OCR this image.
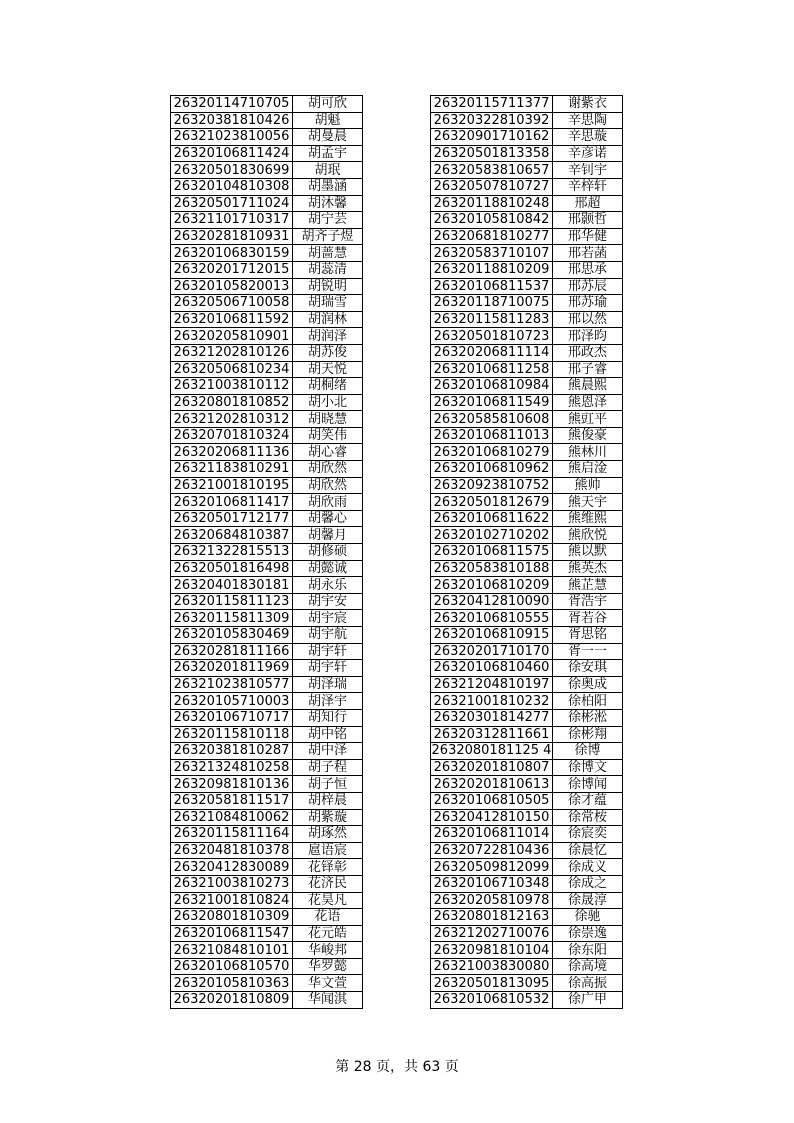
26320114710705	胡可欣
26320381810426	胡魁
26321023810056	胡曼晨
26320106811424	胡孟宇
26320501830699	胡珉
26320104810308	胡墨涵
26320501711024	胡沐馨
26321101710317	胡宁芸
26320281810931	胡齐子煜
26320106830159	胡蔷慧
26320201712015	胡蕊清
26320105820013	胡锐明
26320506710058	胡瑞雪
26320106811592	胡润林
26320205810901	胡润泽
26321202810126	胡苏俊
26320506810234	胡天悦
26321003810112	胡桐绪
26320801810852	胡小北
26321202810312	胡晓慧
26320701810324	胡笑伟
26320206811136	胡心睿
26321183810291	胡欣然
26321001810195	胡欣然
26320106811417	胡欣雨
26320501712177	胡馨心
26320684810387	胡馨月
26321322815513	胡修硕
26320501816498	胡懿诚
26320401830181	胡永乐
26320115811123	胡宇安
26320115811309	胡宇宸
26320105830469	胡宇航
26320281811166	胡宇轩
26320201811969	胡宇轩
26321023810577	胡泽瑞
26320105710003	胡泽宇
26320106710717	胡知行
26320115810118	胡中铭
26320381810287	胡中泽
26321324810258	胡子程
26320981810136	胡子恒
26320581811517	胡梓晨
26321084810062	胡紫璇
26320115811164	胡琢然
26320481810378	扈语宸
26320412830089	花铎彰
26321003810273	花济民
26321001810824	花昊凡
26320801810309	花语
26320106811547	花元皓
26321084810101	华峻邦
26320106810570	华罗懿
26320105810363	华文萱
26320201810809	华闻淇
26320115711377	谢紫衣
26320322810392	辛思陶
26320901710162	辛思璇
26320501813358	辛彦诺
26320583810657	辛钊宇
26320507810727	辛梓轩
26320118810248	邢超
26320105810842	邢颢哲
26320681810277	邢华健
26320583710107	邢若菡
26320118810209	邢思承
26320106811537	邢苏辰
26320118710075	邢苏瑜
26320115811283	邢以然
26320501810723	邢泽昀
26320206811114	邢政杰
26320106811258	邢子睿
26320106810984	熊晨熙
26320106811549	熊恩泽
26320585810608	熊豇平
26320106811013	熊俊豪
26320106810279	熊林川
26320106810962	熊启淦
26320923810752	熊帅
26320501812679	熊天宇
26320106811622	熊维熙
26320102710202	熊欣悦
26320106811575	熊以默
26320583810188	熊英杰
26320106810209	熊芷慧
26320412810090	胥浩宇
26320106810555	胥若谷
26320106810915	胥思铭
26320201710170	胥一一
26320106810460	徐安琪
26321204810197	徐奥成
26321001810232	徐柏阳
26320301814277	徐彬淞
26320312811661	徐彬翔
2632080181125 4	徐博
26320201810807	徐博文
26320201810613	徐博闻
26320106810505	徐才蕴
26320412810150	徐常桉
26320106811014	徐宸奕
26320722810436	徐晨忆
26320509812099	徐成义
26320106710348	徐成之
26320205810978	徐晟淳
26320801812163	徐驰
26321202710076	徐崇逸
26320981810104	徐东阳
26321003830080	徐高境
26320501813095	徐高振
26320106810532	徐广甲
第 28 页，共 63 页
